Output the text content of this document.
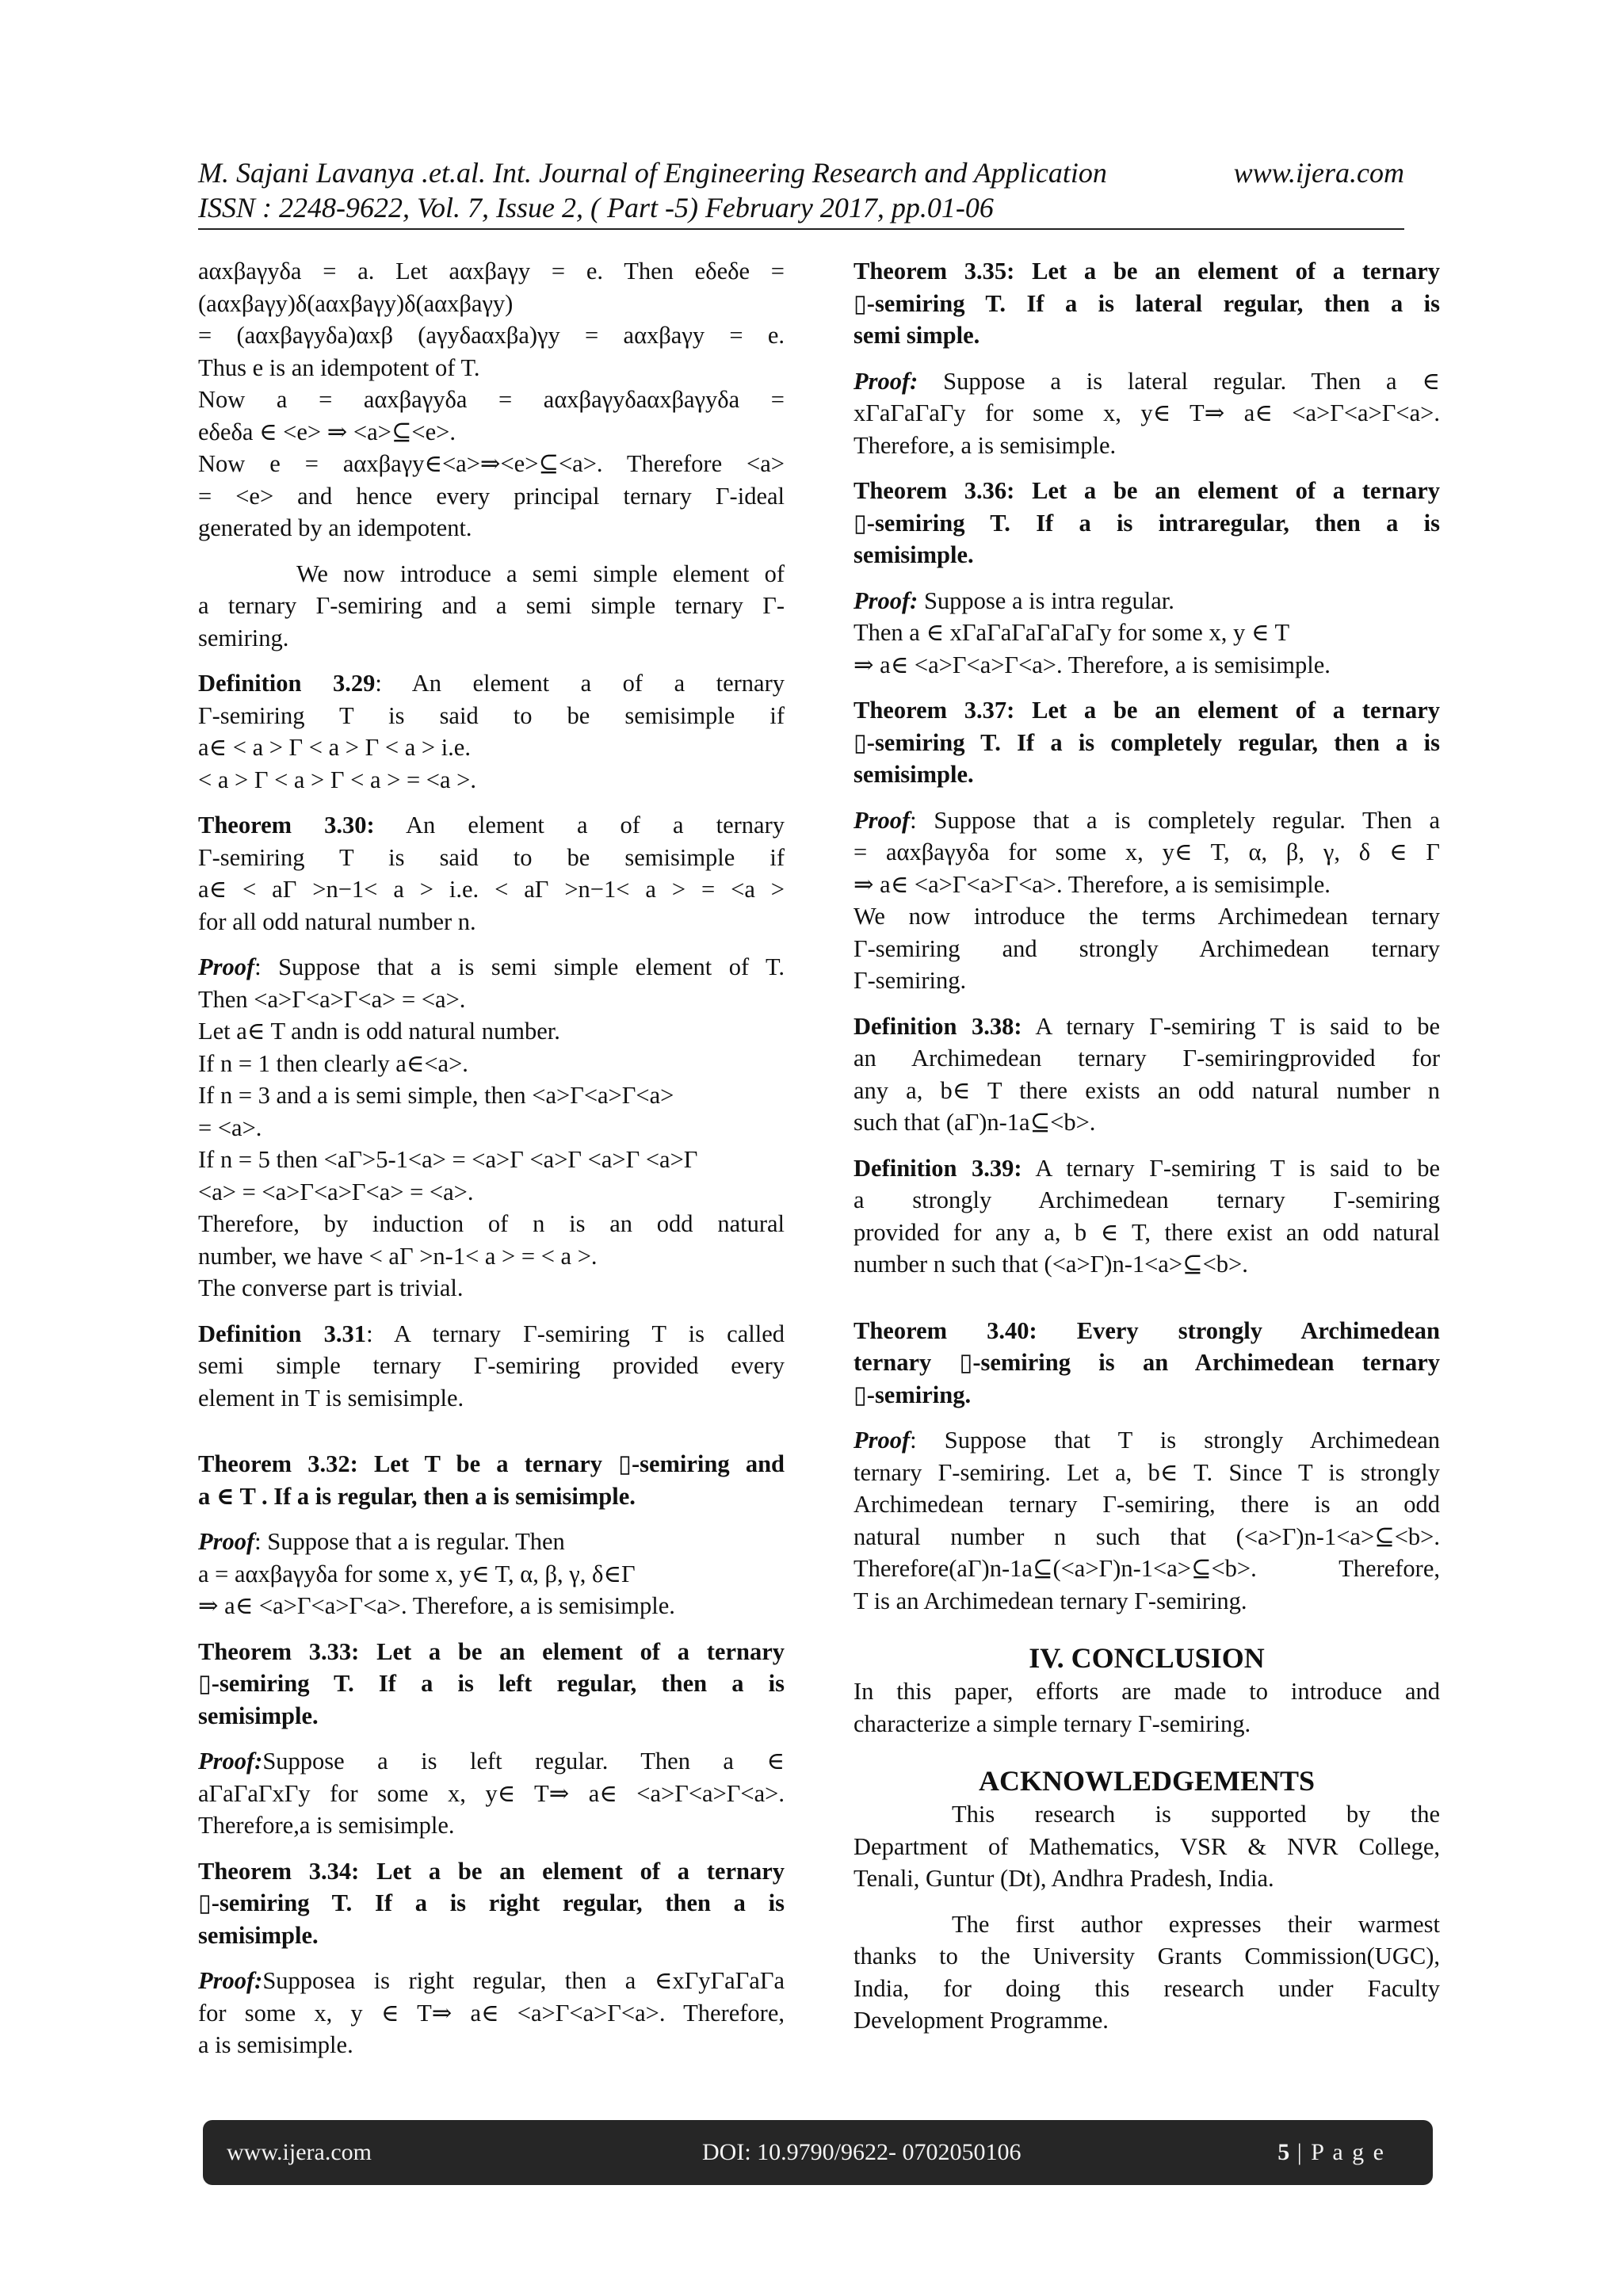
M. Sajani Lavanya .et.al. Int. Journal of Engineering Research and Application	www.ijera.com
ISSN : 2248-9622, Vol. 7, Issue 2, ( Part -5) February 2017, pp.01-06
aαxβaγyδa = a. Let aαxβaγy = e. Then eδeδe =
(aαxβaγy)δ(aαxβaγy)δ(aαxβaγy)
= (aαxβaγyδa)αxβ (aγyδaαxβa)γy = aαxβaγy = e.
Thus e is an idempotent of T.
Now a = aαxβaγyδa = aαxβaγyδaαxβaγyδa =
eδeδa ∈ <e> ⇒ <a>⊆<e>.
Now e = aαxβaγy∈<a>⇒<e>⊆<a>. Therefore <a>
= <e> and hence every principal ternary Γ-ideal
generated by an idempotent.
We now introduce a semi simple element of
a ternary Γ-semiring and a semi simple ternary Γ-
semiring.
Definition 3.29: An element a of a ternary
Γ-semiring T is said to be semisimple if
a∈ < a > Γ < a > Γ < a > i.e.
< a > Γ < a > Γ < a > = <a >.
Theorem 3.30: An element a of a ternary
Γ-semiring T is said to be semisimple if
a∈ < aΓ >n−1< a > i.e. < aΓ >n−1< a > = <a >
for all odd natural number n.
Proof: Suppose that a is semi simple element of T.
Then <a>Γ<a>Γ<a> = <a>.
Let a∈ T andn is odd natural number.
If n = 1 then clearly a∈<a>.
If n = 3 and a is semi simple, then <a>Γ<a>Γ<a>
= <a>.
If n = 5 then <aΓ>5-1<a> = <a>Γ <a>Γ <a>Γ <a>Γ
<a> = <a>Γ<a>Γ<a> = <a>.
Therefore, by induction of n is an odd natural
number, we have < aΓ >n-1< a > = < a >.
The converse part is trivial.
Definition 3.31: A ternary Γ-semiring T is called
semi simple ternary Γ-semiring provided every
element in T is semisimple.
Theorem 3.32: Let T be a ternary ▯-semiring and
a ∈ T . If a is regular, then a is semisimple.
Proof: Suppose that a is regular. Then
a = aαxβaγyδa for some x, y∈ T, α, β, γ, δ∈Γ
⇒ a∈ <a>Γ<a>Γ<a>. Therefore, a is semisimple.
Theorem 3.33: Let a be an element of a ternary
▯-semiring T. If a is left regular, then a is
semisimple.
Proof:Suppose a is left regular. Then a ∈
aΓaΓaΓxΓy for some x, y∈ T⇒ a∈ <a>Γ<a>Γ<a>.
Therefore,a is semisimple.
Theorem 3.34: Let a be an element of a ternary
▯-semiring T. If a is right regular, then a is
semisimple.
Proof:Supposea is right regular, then a ∈xΓyΓaΓaΓa
for some x, y ∈ T⇒ a∈ <a>Γ<a>Γ<a>. Therefore,
a is semisimple.
Theorem 3.35: Let a be an element of a ternary
▯-semiring T. If a is lateral regular, then a is
semi simple.
Proof: Suppose a is lateral regular. Then a ∈
xΓaΓaΓaΓy for some x, y∈ T⇒ a∈ <a>Γ<a>Γ<a>.
Therefore, a is semisimple.
Theorem 3.36: Let a be an element of a ternary
▯-semiring T. If a is intraregular, then a is
semisimple.
Proof: Suppose a is intra regular.
Then a ∈ xΓaΓaΓaΓaΓaΓy for some x, y ∈ T
⇒ a∈ <a>Γ<a>Γ<a>. Therefore, a is semisimple.
Theorem 3.37: Let a be an element of a ternary
▯-semiring T. If a is completely regular, then a is
semisimple.
Proof: Suppose that a is completely regular. Then a
= aαxβaγyδa for some x, y∈ T, α, β, γ, δ ∈ Γ
⇒ a∈ <a>Γ<a>Γ<a>. Therefore, a is semisimple.
We now introduce the terms Archimedean ternary
Γ-semiring and strongly Archimedean ternary
Γ-semiring.
Definition 3.38: A ternary Γ-semiring T is said to be
an Archimedean ternary Γ-semiringprovided for
any a, b∈ T there exists an odd natural number n
such that (aΓ)n-1a⊆<b>.
Definition 3.39: A ternary Γ-semiring T is said to be
a strongly Archimedean ternary Γ-semiring
provided for any a, b ∈ T, there exist an odd natural
number n such that (<a>Γ)n-1<a>⊆<b>.
Theorem 3.40: Every strongly Archimedean
ternary ▯-semiring is an Archimedean ternary
▯-semiring.
Proof: Suppose that T is strongly Archimedean
ternary Γ-semiring. Let a, b∈ T. Since T is strongly
Archimedean ternary Γ-semiring, there is an odd
natural number n such that (<a>Γ)n-1<a>⊆<b>.
Therefore(aΓ)n-1a⊆(<a>Γ)n-1<a>⊆<b>. Therefore,
T is an Archimedean ternary Γ-semiring.
IV. CONCLUSION
In this paper, efforts are made to introduce and
characterize a simple ternary Γ-semiring.
ACKNOWLEDGEMENTS
This research is supported by the
Department of Mathematics, VSR & NVR College,
Tenali, Guntur (Dt), Andhra Pradesh, India.
The first author expresses their warmest
thanks to the University Grants Commission(UGC),
India, for doing this research under Faculty
Development Programme.
www.ijera.com	DOI: 10.9790/9622- 0702050106	5 | P a g e
